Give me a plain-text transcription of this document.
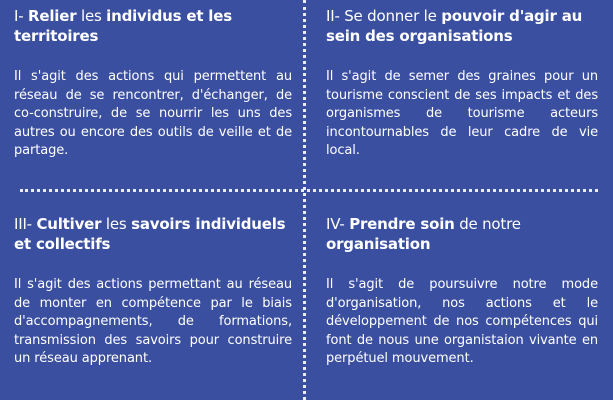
I- Relier les individus et les territoires

Il s'agit des actions qui permettent au réseau de se rencontrer, d'échanger, de co-construire, de se nourrir les uns des autres ou encore des outils de veille et de partage.

II- Se donner le pouvoir d'agir au sein des organisations

Il s'agit de semer des graines pour un tourisme conscient de ses impacts et des organismes de tourisme acteurs incontournables de leur cadre de vie local.

III- Cultiver les savoirs individuels et collectifs

Il s'agit des actions permettant au réseau de monter en compétence par le biais d'accompagnements, de formations, transmission des savoirs pour construire un réseau apprenant.

IV- Prendre soin de notre organisation

Il s'agit de poursuivre notre mode d'organisation, nos actions et le développement de nos compétences qui font de nous une organistaion vivante en perpétuel mouvement.
